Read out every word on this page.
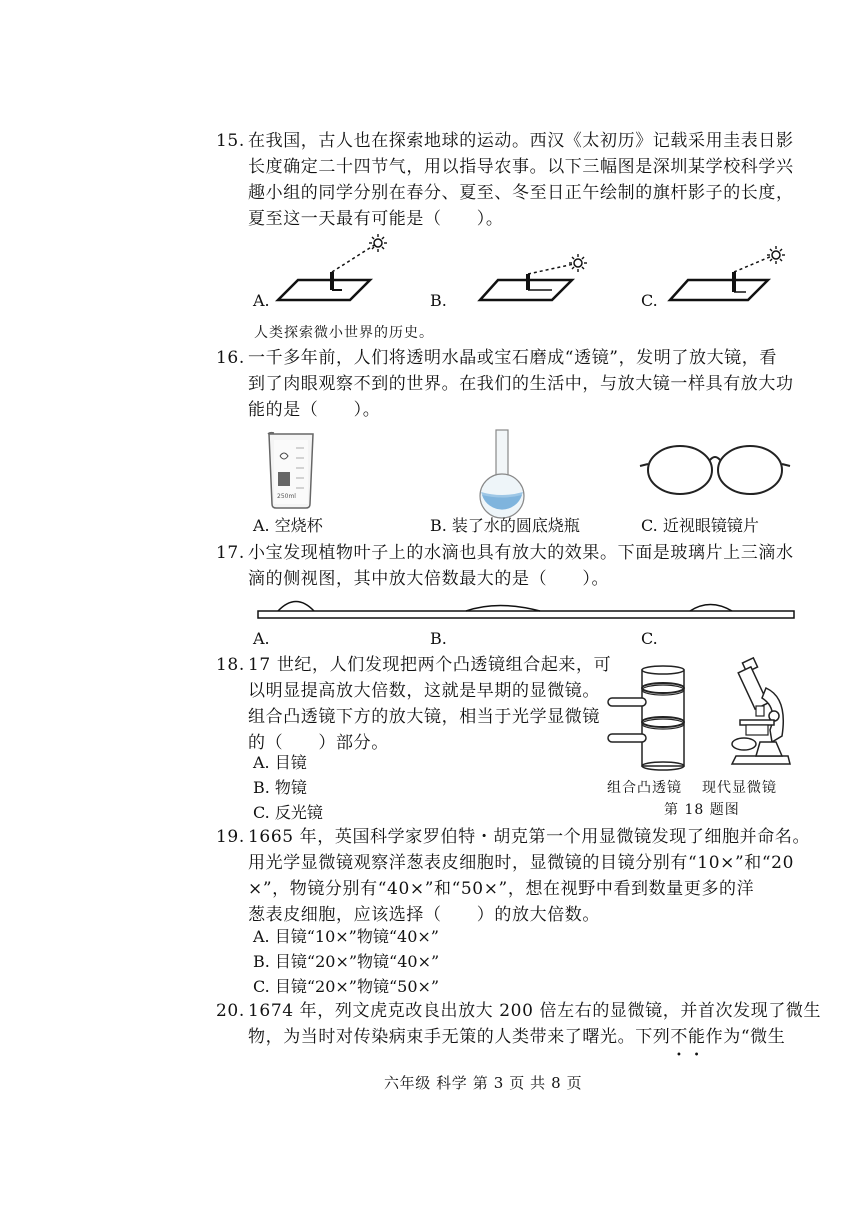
15. 在我国，古人也在探索地球的运动。西汉《太初历》记载采用圭表日影
长度确定二十四节气，用以指导农事。以下三幅图是深圳某学校科学兴
趣小组的同学分别在春分、夏至、冬至日正午绘制的旗杆影子的长度，
夏至这一天最有可能是（　　）。
A.	B.	C.
人类探索微小世界的历史。
16. 一千多年前，人们将透明水晶或宝石磨成“透镜”，发明了放大镜，看
到了肉眼观察不到的世界。在我们的生活中，与放大镜一样具有放大功
能的是（　　）。
250ml
A. 空烧杯	B. 装了水的圆底烧瓶	C. 近视眼镜镜片
17. 小宝发现植物叶子上的水滴也具有放大的效果。下面是玻璃片上三滴水
滴的侧视图，其中放大倍数最大的是（　　）。
A.	B.	C.
18. 17 世纪，人们发现把两个凸透镜组合起来，可
以明显提高放大倍数，这就是早期的显微镜。
组合凸透镜下方的放大镜，相当于光学显微镜
的（　　）部分。
A. 目镜
B. 物镜
C. 反光镜
组合凸透镜 现代显微镜
第 18 题图
19. 1665 年，英国科学家罗伯特・胡克第一个用显微镜发现了细胞并命名。
用光学显微镜观察洋葱表皮细胞时，显微镜的目镜分别有“10×”和“20
×”，物镜分别有“40×”和“50×”，想在视野中看到数量更多的洋
葱表皮细胞，应该选择（　　）的放大倍数。
A. 目镜“10×”物镜“40×”
B. 目镜“20×”物镜“40×”
C. 目镜“20×”物镜“50×”
20. 1674 年，列文虎克改良出放大 200 倍左右的显微镜，并首次发现了微生
物，为当时对传染病束手无策的人类带来了曙光。下列不能作为“微生
六年级 科学 第 3 页 共 8 页
